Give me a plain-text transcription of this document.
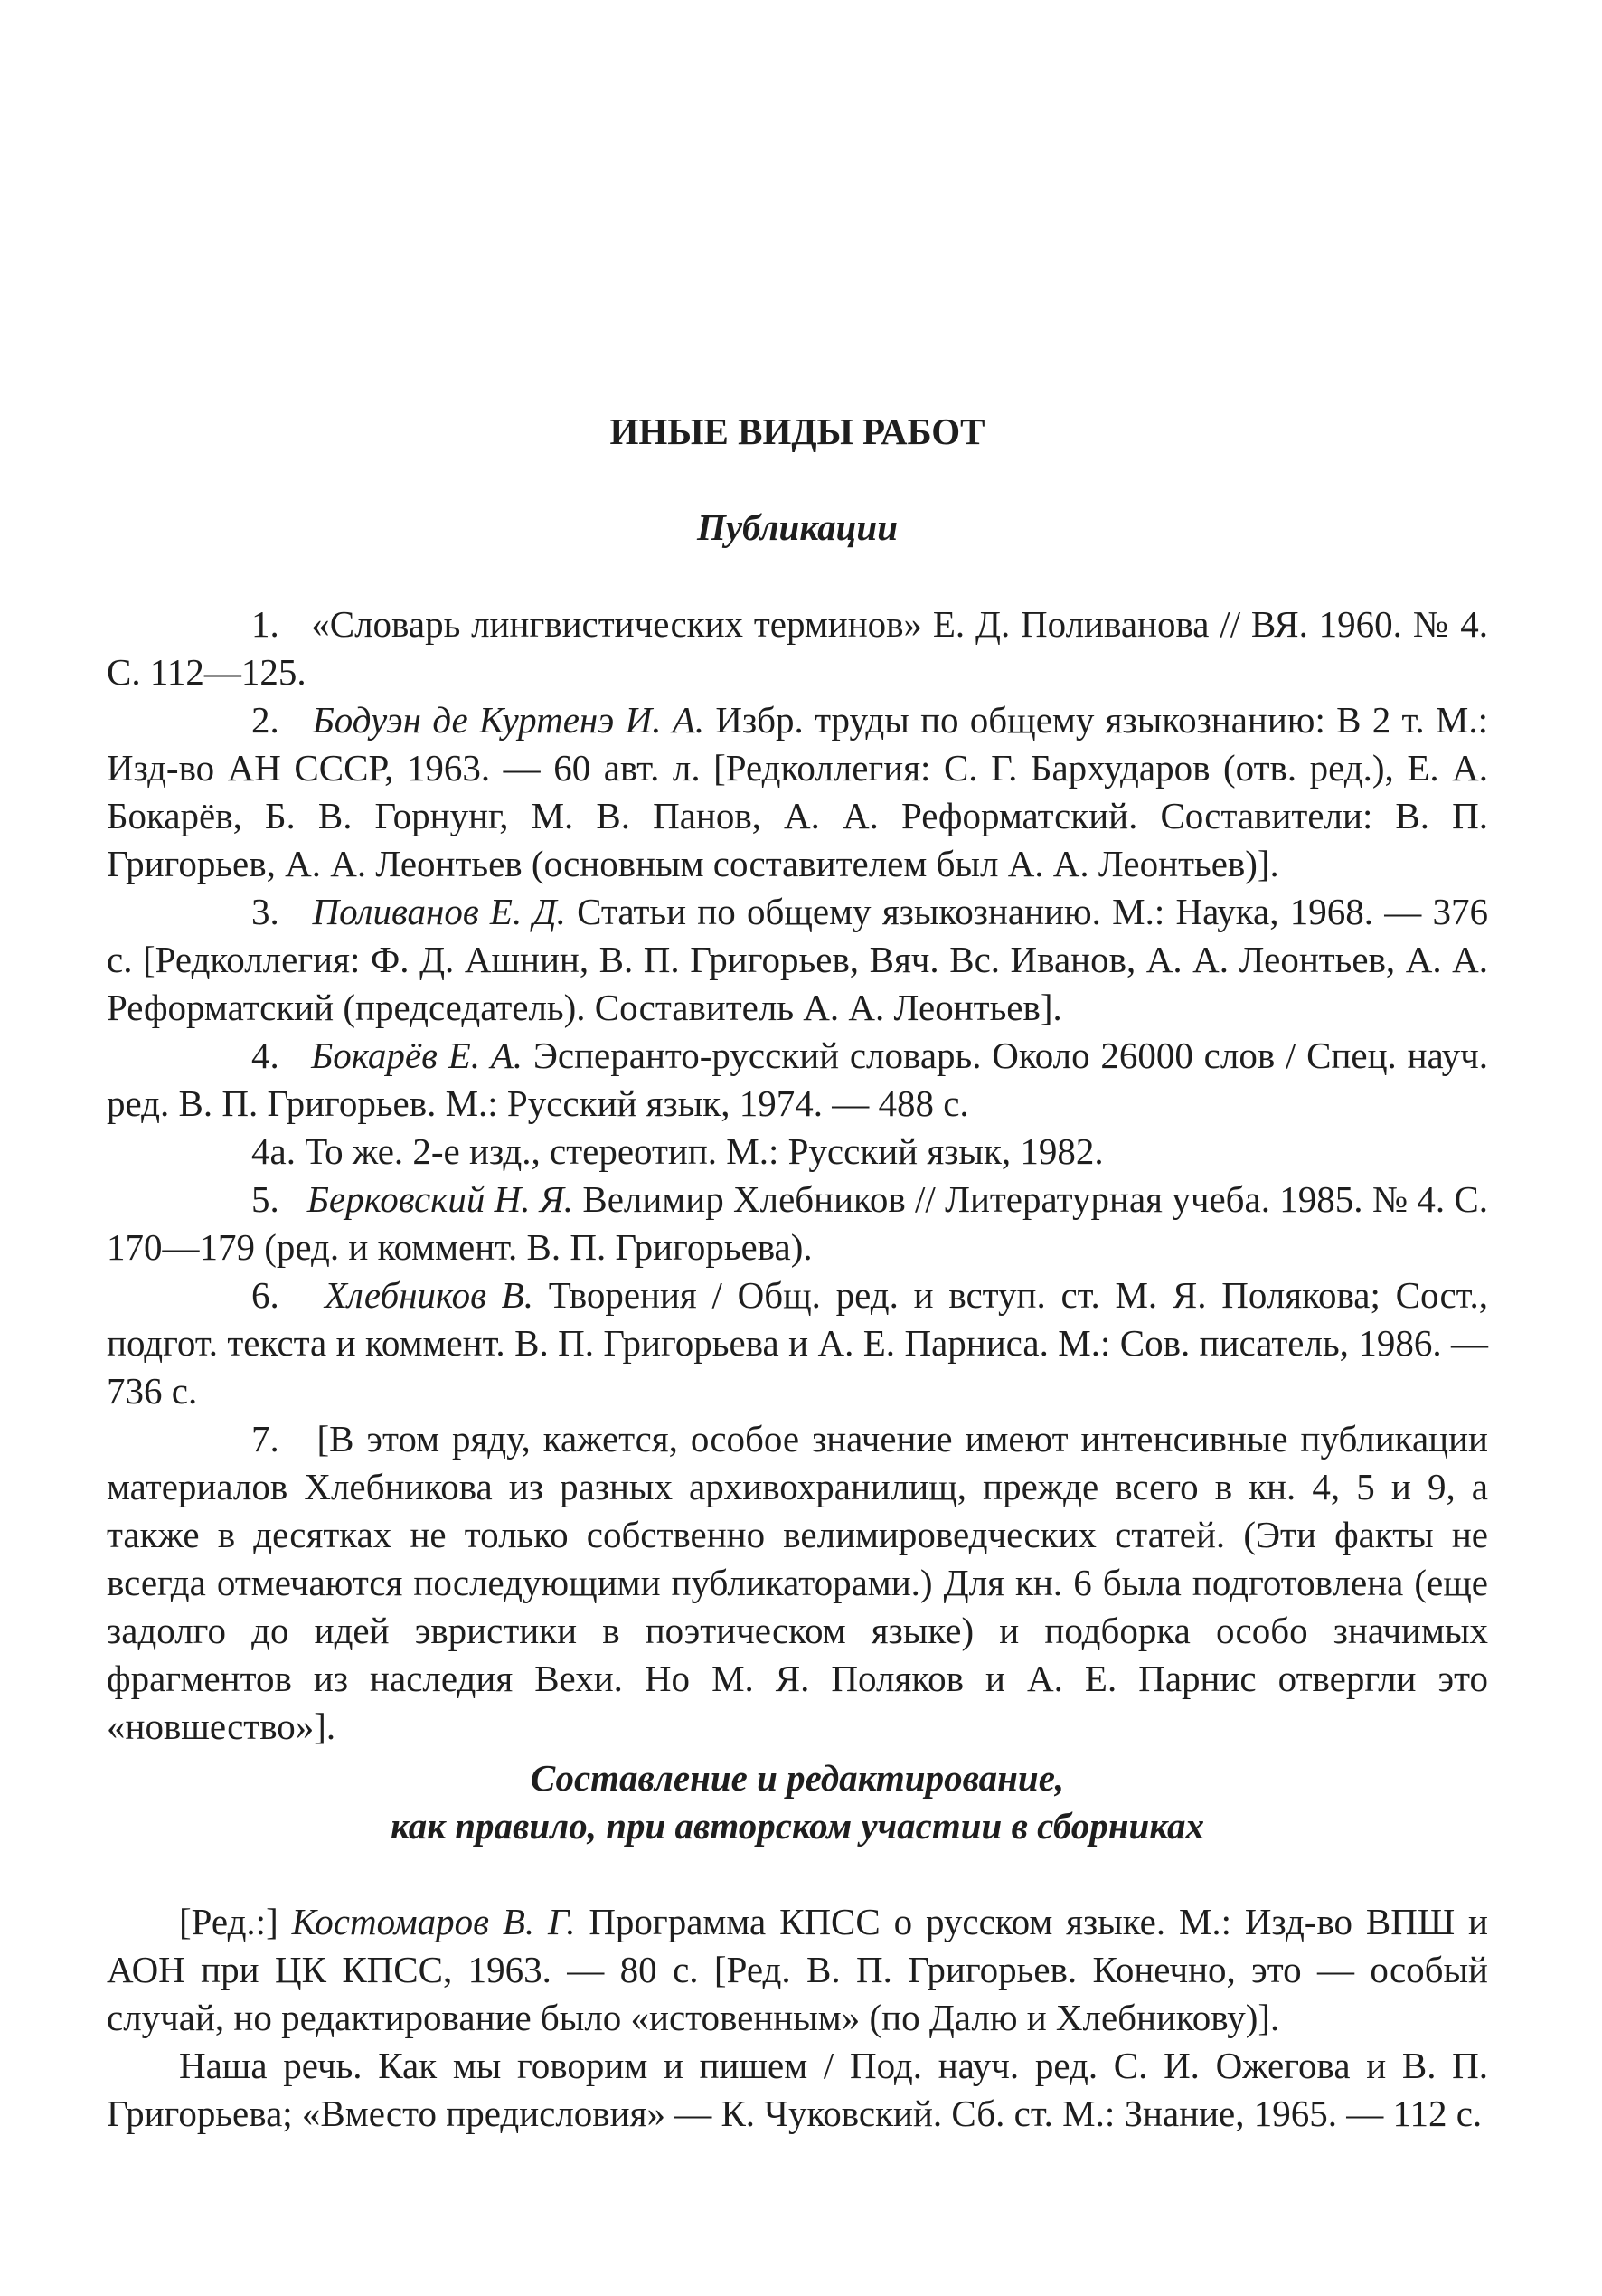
ИНЫЕ ВИДЫ РАБОТ
Публикации

1. «Словарь лингвистических терминов» Е. Д. Поливанова // ВЯ. 1960. № 4. С. 112—125.

2. Бодуэн де Куртенэ И. А. Избр. труды по общему языкознанию: В 2 т. М.: Изд-во АН СССР, 1963. — 60 авт. л. [Редколлегия: С. Г. Бархударов (отв. ред.), Е. А. Бокарёв, Б. В. Горнунг, М. В. Панов, А. А. Реформатский. Составители: В. П. Григорьев, А. А. Леонтьев (основным составителем был А. А. Леонтьев)].

3. Поливанов Е. Д. Статьи по общему языкознанию. М.: Наука, 1968. — 376 с. [Редколлегия: Ф. Д. Ашнин, В. П. Григорьев, Вяч. Вс. Иванов, А. А. Леонтьев, А. А. Реформатский (председатель). Составитель А. А. Леонтьев].

4. Бокарёв Е. А. Эсперанто-русский словарь. Около 26000 слов / Спец. науч. ред. В. П. Григорьев. М.: Русский язык, 1974. — 488 с.

4а. То же. 2-е изд., стереотип. М.: Русский язык, 1982.

5. Берковский Н. Я. Велимир Хлебников // Литературная учеба. 1985. № 4. С. 170—179 (ред. и коммент. В. П. Григорьева).

6. Хлебников В. Творения / Общ. ред. и вступ. ст. М. Я. Полякова; Сост., подгот. текста и коммент. В. П. Григорьева и А. Е. Парниса. М.: Сов. писатель, 1986. — 736 с.

7. [В этом ряду, кажется, особое значение имеют интенсивные публикации материалов Хлебникова из разных архивохранилищ, прежде всего в кн. 4, 5 и 9, а также в десятках не только собственно велимироведческих статей. (Эти факты не всегда отмечаются последующими публикаторами.) Для кн. 6 была подготовлена (еще задолго до идей эвристики в поэтическом языке) и подборка особо значимых фрагментов из наследия Вехи. Но М. Я. Поляков и А. Е. Парнис отвергли это «новшество»].

Составление и редактирование,
как правило, при авторском участии в сборниках

[Ред.:] Костомаров В. Г. Программа КПСС о русском языке. М.: Изд-во ВПШ и АОН при ЦК КПСС, 1963. — 80 с. [Ред. В. П. Григорьев. Конечно, это — особый случай, но редактирование было «истовенным» (по Далю и Хлебникову)].

Наша речь. Как мы говорим и пишем / Под. науч. ред. С. И. Ожегова и В. П. Григорьева; «Вместо предисловия» — К. Чуковский. Сб. ст. М.: Знание, 1965. — 112 с.
